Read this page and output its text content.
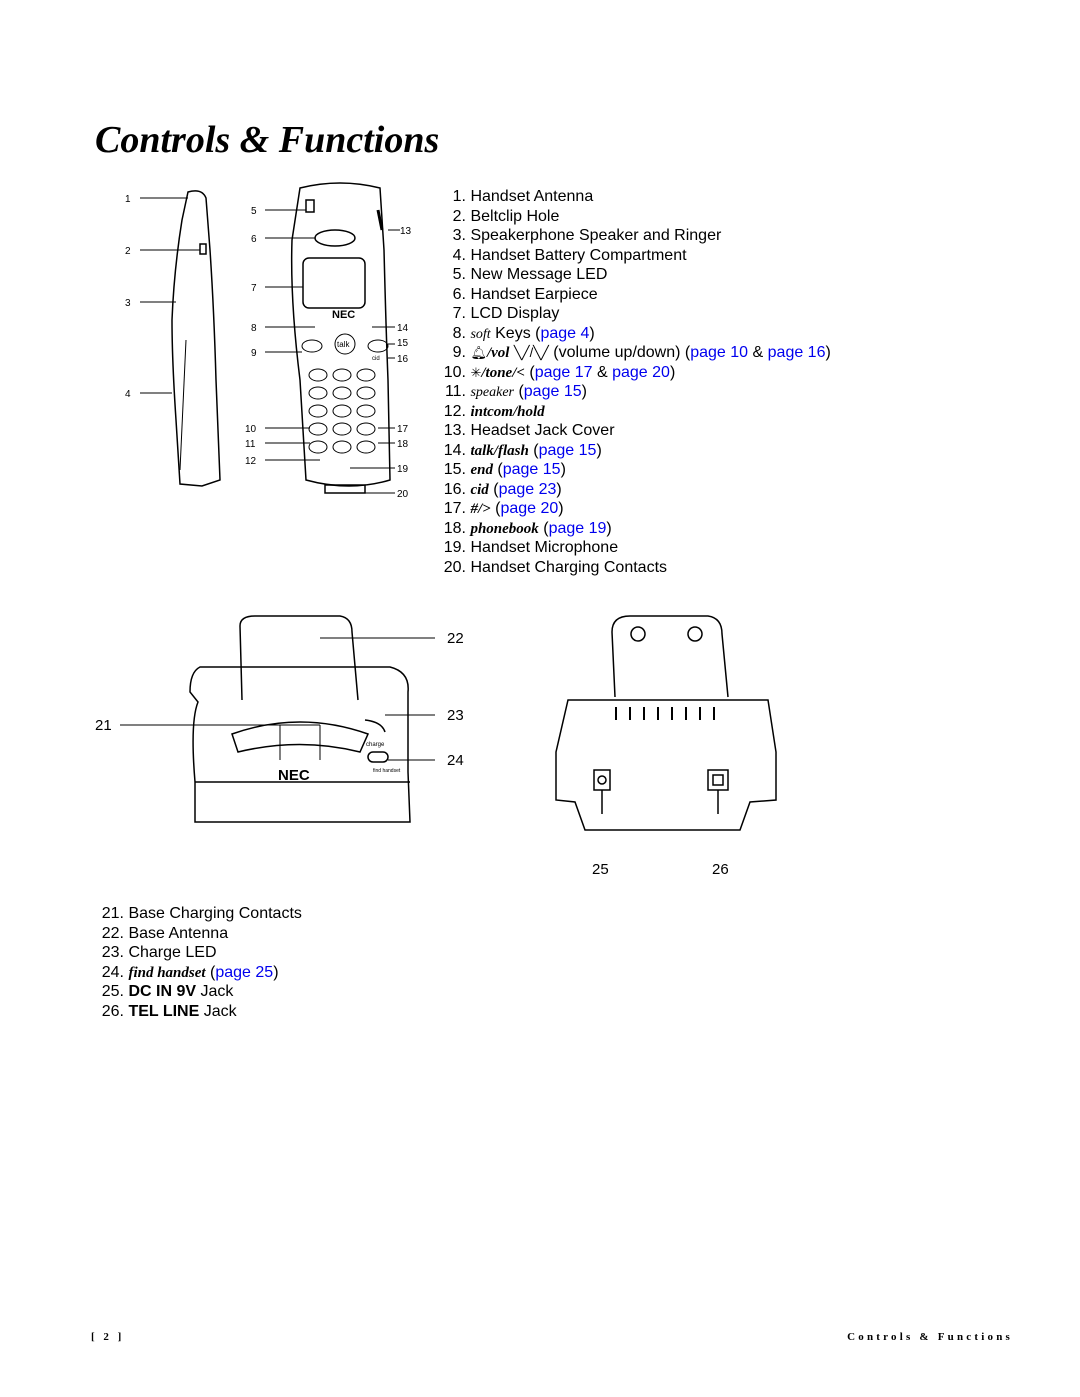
Controls & Functions
1
2
3
4
5
6
7
8
9
10
11
12
13
14
15
16
17
18
19
20
NEC
talk
cid
1. Handset Antenna
2. Beltclip Hole
3. Speakerphone Speaker and Ringer
4. Handset Battery Compartment
5. New Message LED
6. Handset Earpiece
7. LCD Display
8. soft Keys (page 4)
9. 🔔︎/vol ╲╱/╲╱ (volume up/down) (page 10 & page 16)
10. ✳/tone/< (page 17 & page 20)
11. speaker (page 15)
12. intcom/hold
13. Headset Jack Cover
14. talk/flash (page 15)
15. end (page 15)
16. cid (page 23)
17. #/> (page 20)
18. phonebook (page 19)
19. Handset Microphone
20. Handset Charging Contacts
21
22
23
24
NEC
charge
find handset
25	26
21. Base Charging Contacts
22. Base Antenna
23. Charge LED
24. find handset (page 25)
25. DC IN 9V Jack
26. TEL LINE Jack
[ 2 ]	Controls & Functions
